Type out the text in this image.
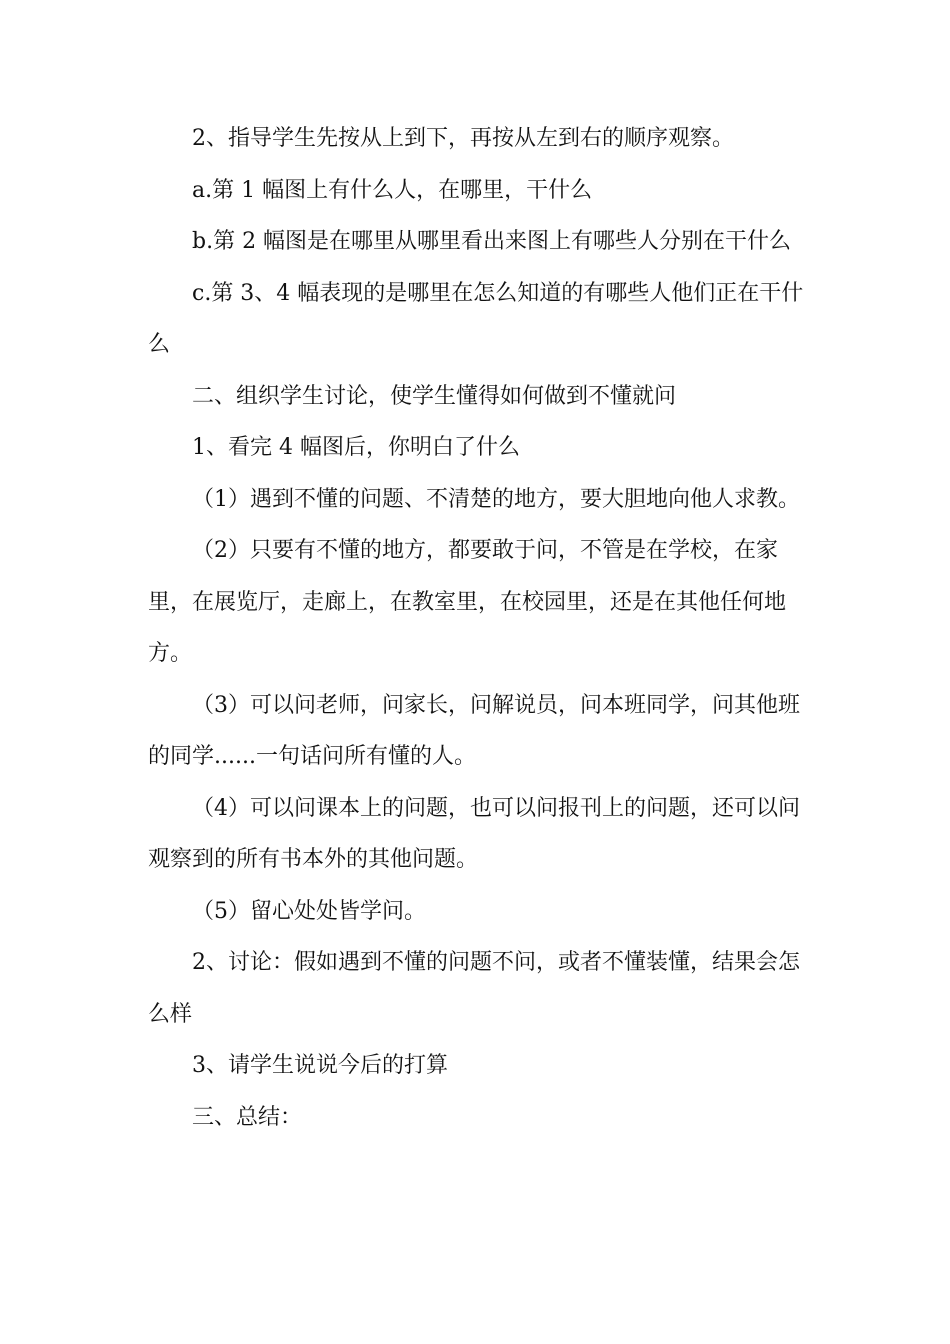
2、指导学生先按从上到下，再按从左到右的顺序观察。

a.第 1 幅图上有什么人，在哪里，干什么

b.第 2 幅图是在哪里从哪里看出来图上有哪些人分别在干什么

c.第 3、4 幅表现的是哪里在怎么知道的有哪些人他们正在干什么

二、组织学生讨论，使学生懂得如何做到不懂就问

1、看完 4 幅图后，你明白了什么

（1）遇到不懂的问题、不清楚的地方，要大胆地向他人求教。

（2）只要有不懂的地方，都要敢于问，不管是在学校，在家里，在展览厅，走廊上，在教室里，在校园里，还是在其他任何地方。

（3）可以问老师，问家长，问解说员，问本班同学，问其他班的同学......一句话问所有懂的人。

（4）可以问课本上的问题，也可以问报刊上的问题，还可以问观察到的所有书本外的其他问题。

（5）留心处处皆学问。

2、讨论：假如遇到不懂的问题不问，或者不懂装懂，结果会怎么样

3、请学生说说今后的打算

三、总结：
